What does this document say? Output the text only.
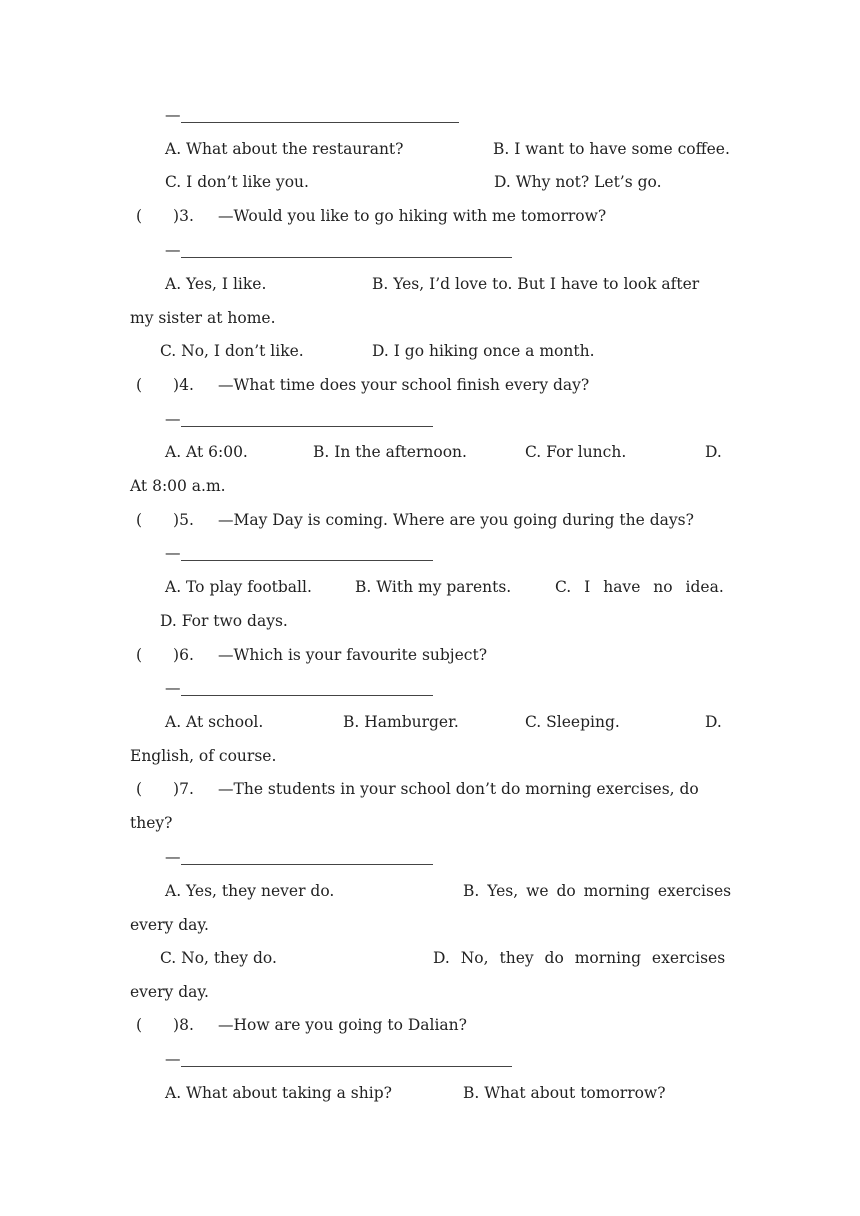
—
A. What about the restaurant?	B. I want to have some coffee.
C. I don’t like you.	D. Why not? Let’s go.
(　　)3. —Would you like to go hiking with me tomorrow?
—
A. Yes, I like.	B. Yes, I’d love to. But I have to look after
my sister at home.
C. No, I don’t like.	D. I go hiking once a month.
(　　)4. —What time does your school finish every day?
—
A. At 6:00.	B. In the afternoon.	C. For lunch.	D.
At 8:00 a.m.
(　　)5. —May Day is coming. Where are you going during the days?
—
A. To play football.	B. With my parents.	C. I have no idea.
D. For two days.
(　　)6. —Which is your favourite subject?
—
A. At school.	B. Hamburger.	C. Sleeping.	D.
English, of course.
(　　)7. —The students in your school don’t do morning exercises, do
they?
—
A. Yes, they never do.	B. Yes, we do morning exercises
every day.
C. No, they do.	D. No, they do morning exercises
every day.
(　　)8. —How are you going to Dalian?
—
A. What about taking a ship?	B. What about tomorrow?
